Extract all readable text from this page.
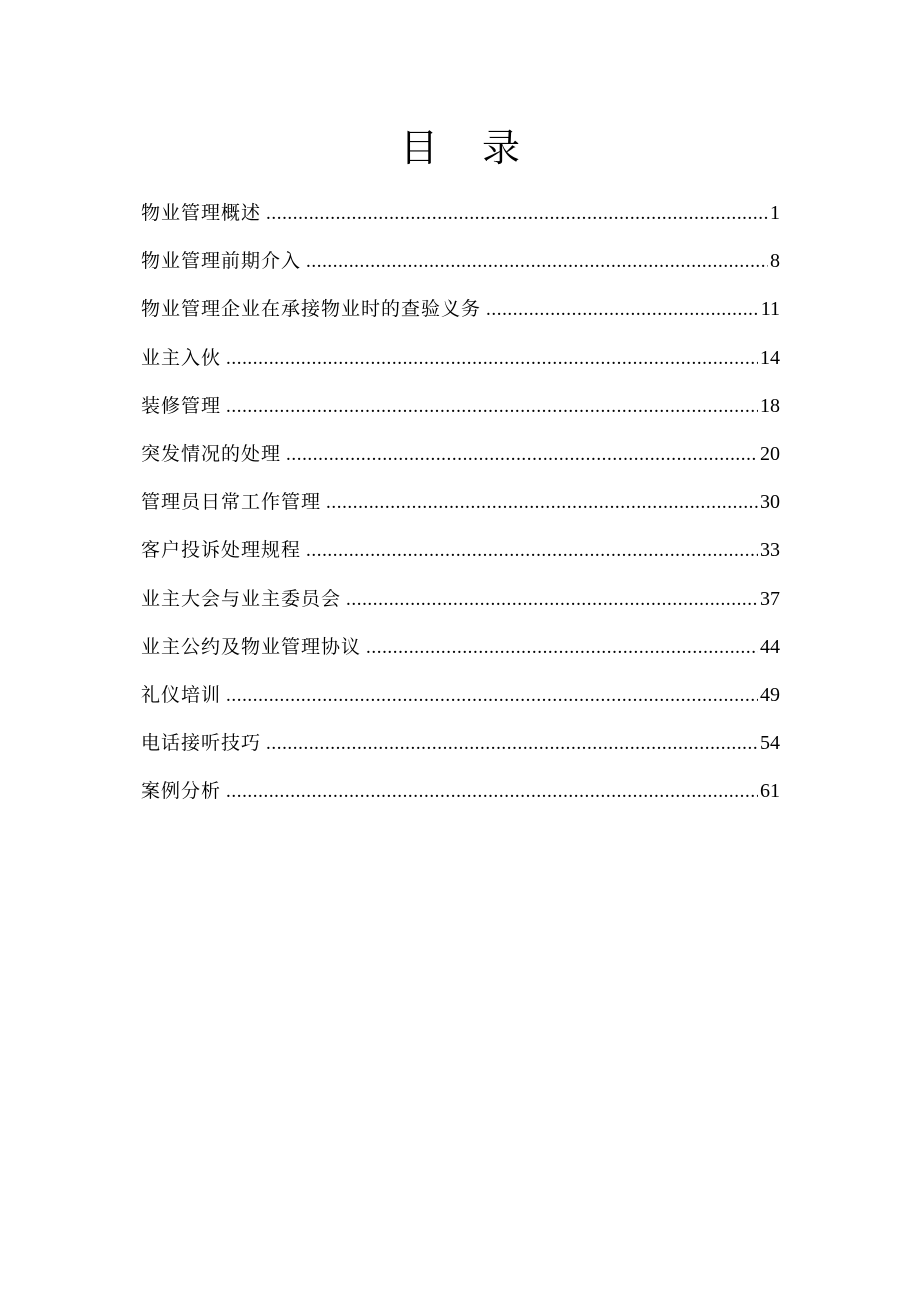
目录
物业管理概述 .....	1
物业管理前期介入 .....	8
物业管理企业在承接物业时的查验义务 .....	11
业主入伙 .....	14
装修管理 .....	18
突发情况的处理 .....	20
管理员日常工作管理 .....	30
客户投诉处理规程 .....	33
业主大会与业主委员会 .....	37
业主公约及物业管理协议 .....	44
礼仪培训 .....	49
电话接听技巧 .....	54
案例分析 .....	61
